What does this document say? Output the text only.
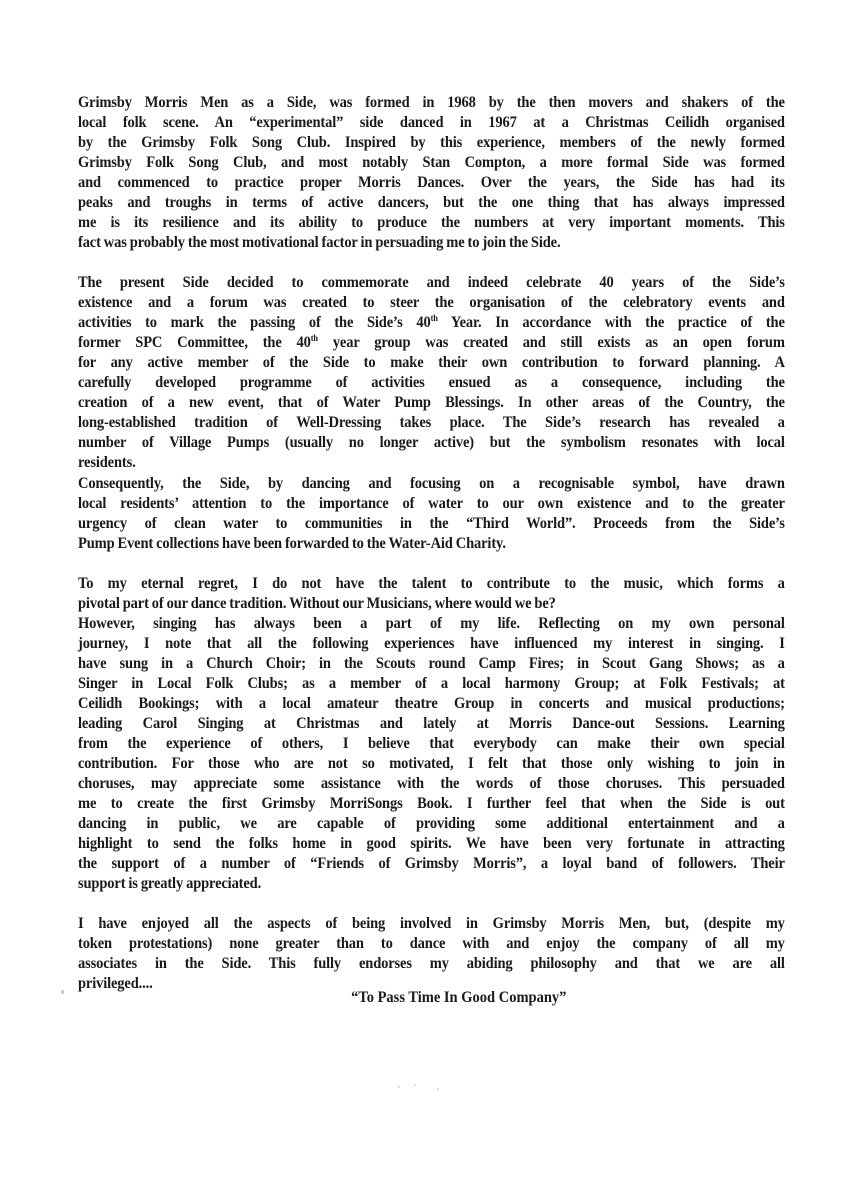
Grimsby Morris Men as a Side, was formed in 1968 by the then movers and shakers of the
local folk scene. An “experimental” side danced in 1967 at a Christmas Ceilidh organised
by the Grimsby Folk Song Club. Inspired by this experience, members of the newly formed
Grimsby Folk Song Club, and most notably Stan Compton, a more formal Side was formed
and commenced to practice proper Morris Dances. Over the years, the Side has had its
peaks and troughs in terms of active dancers, but the one thing that has always impressed
me is its resilience and its ability to produce the numbers at very important moments. This
fact was probably the most motivational factor in persuading me to join the Side.
The present Side decided to commemorate and indeed celebrate 40 years of the Side’s
existence and a forum was created to steer the organisation of the celebratory events and
activities to mark the passing of the Side’s 40th Year. In accordance with the practice of the
former SPC Committee, the 40th year group was created and still exists as an open forum
for any active member of the Side to make their own contribution to forward planning. A
carefully developed programme of activities ensued as a consequence, including the
creation of a new event, that of Water Pump Blessings. In other areas of the Country, the
long-established tradition of Well-Dressing takes place. The Side’s research has revealed a
number of Village Pumps (usually no longer active) but the symbolism resonates with local
residents.
Consequently, the Side, by dancing and focusing on a recognisable symbol, have drawn
local residents’ attention to the importance of water to our own existence and to the greater
urgency of clean water to communities in the “Third World”. Proceeds from the Side’s
Pump Event collections have been forwarded to the Water-Aid Charity.
To my eternal regret, I do not have the talent to contribute to the music, which forms a
pivotal part of our dance tradition. Without our Musicians, where would we be?
However, singing has always been a part of my life. Reflecting on my own personal
journey, I note that all the following experiences have influenced my interest in singing. I
have sung in a Church Choir; in the Scouts round Camp Fires; in Scout Gang Shows; as a
Singer in Local Folk Clubs; as a member of a local harmony Group; at Folk Festivals; at
Ceilidh Bookings; with a local amateur theatre Group in concerts and musical productions;
leading Carol Singing at Christmas and lately at Morris Dance-out Sessions. Learning
from the experience of others, I believe that everybody can make their own special
contribution. For those who are not so motivated, I felt that those only wishing to join in
choruses, may appreciate some assistance with the words of those choruses. This persuaded
me to create the first Grimsby MorriSongs Book. I further feel that when the Side is out
dancing in public, we are capable of providing some additional entertainment and a
highlight to send the folks home in good spirits. We have been very fortunate in attracting
the support of a number of “Friends of Grimsby Morris”, a loyal band of followers. Their
support is greatly appreciated.
I have enjoyed all the aspects of being involved in Grimsby Morris Men, but, (despite my
token protestations) none greater than to dance with and enjoy the company of all my
associates in the Side. This fully endorses my abiding philosophy and that we are all
privileged....
“To Pass Time In Good Company”
